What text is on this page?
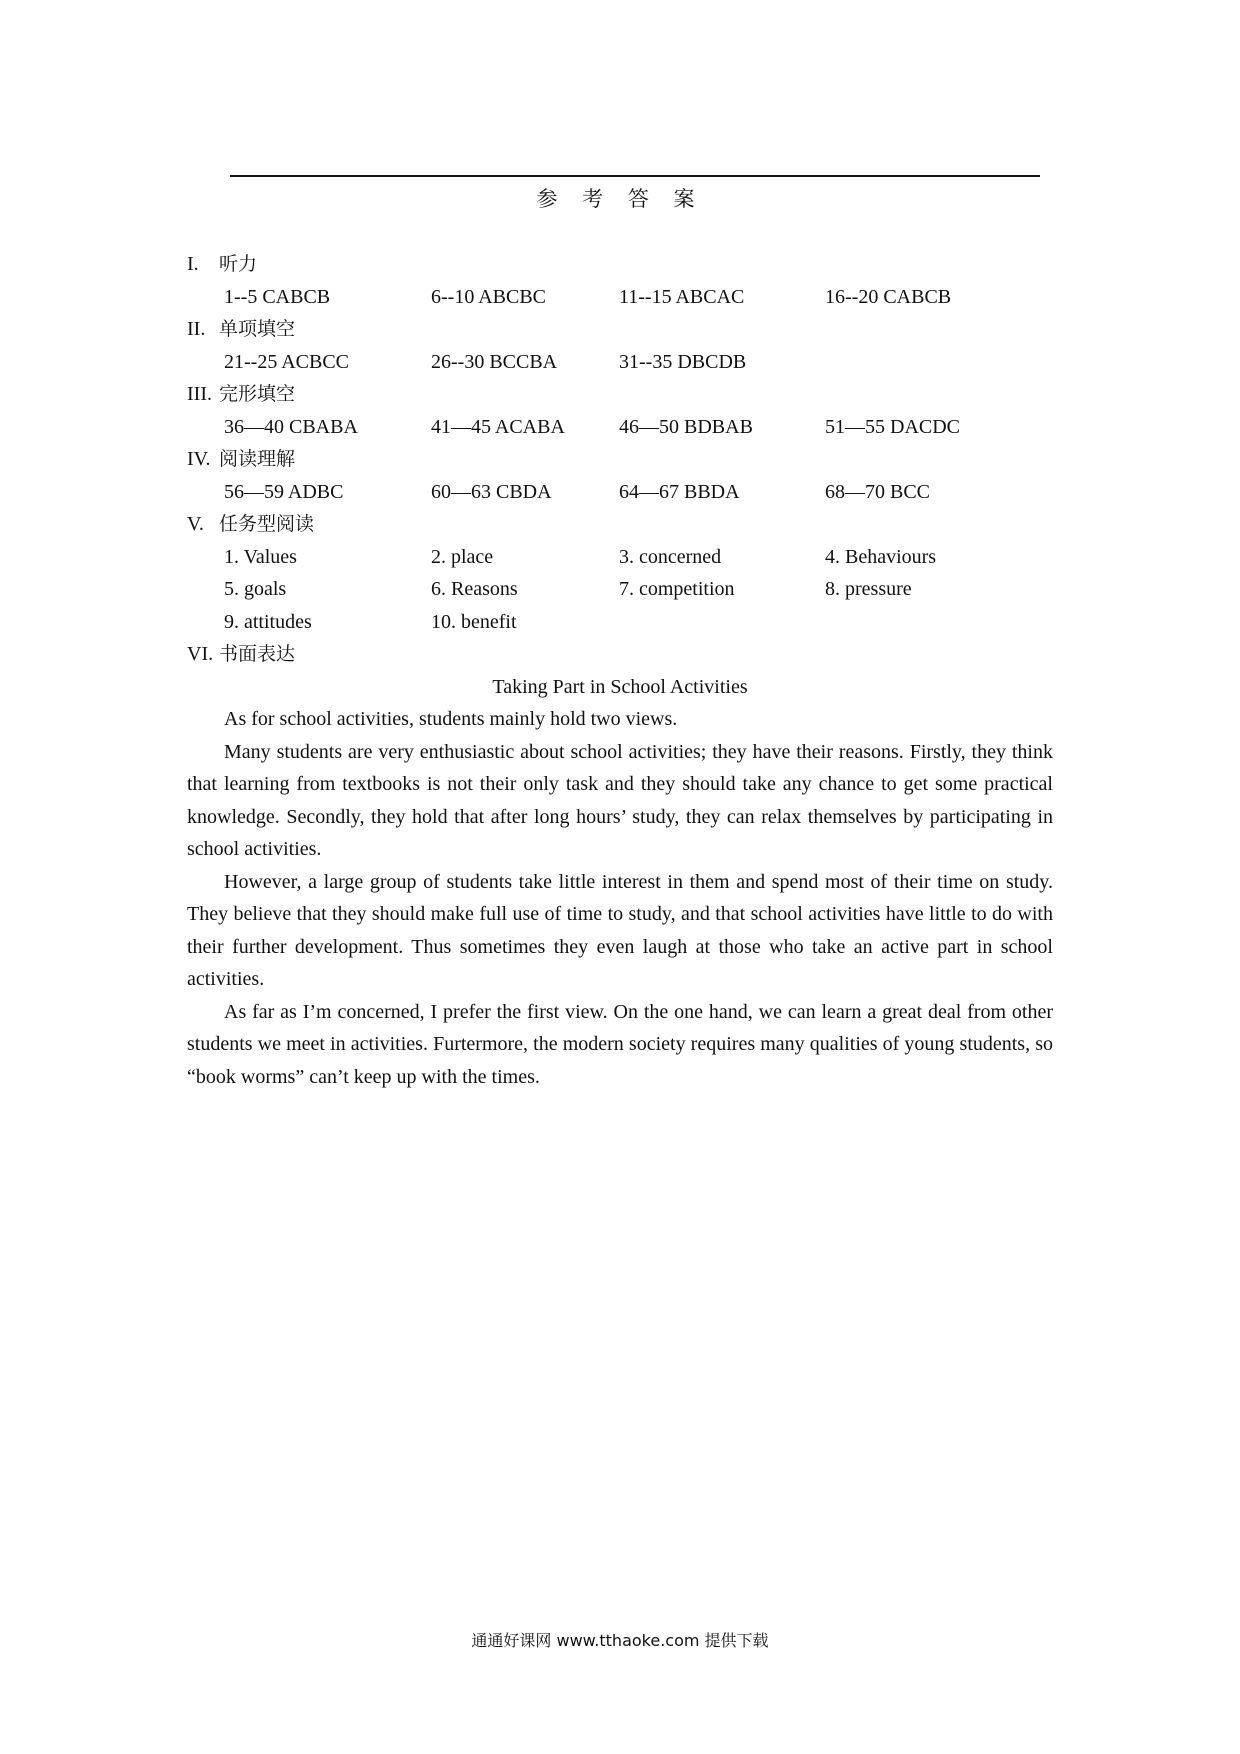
参 考 答 案
I. 听力
1--5 CABCB	6--10 ABCBC	11--15 ABCAC	16--20 CABCB
II. 单项填空
21--25 ACBCC	26--30 BCCBA	31--35 DBCDB
III. 完形填空
36—40 CBABA	41—45 ACABA	46—50 BDBAB	51—55 DACDC
IV. 阅读理解
56—59 ADBC	60—63 CBDA	64—67 BBDA	68—70 BCC
V. 任务型阅读
1. Values	2. place	3. concerned	4. Behaviours
5. goals	6. Reasons	7. competition	8. pressure
9. attitudes	10. benefit
VI. 书面表达
Taking Part in School Activities

As for school activities, students mainly hold two views.

Many students are very enthusiastic about school activities; they have their reasons. Firstly, they think that learning from textbooks is not their only task and they should take any chance to get some practical knowledge. Secondly, they hold that after long hours’ study, they can relax themselves by participating in school activities.

However, a large group of students take little interest in them and spend most of their time on study. They believe that they should make full use of time to study, and that school activities have little to do with their further development. Thus sometimes they even laugh at those who take an active part in school activities.

As far as I’m concerned, I prefer the first view. On the one hand, we can learn a great deal from other students we meet in activities. Furtermore, the modern society requires many qualities of young students, so “book worms” can’t keep up with the times.

通通好课网 www.tthaoke.com 提供下载
